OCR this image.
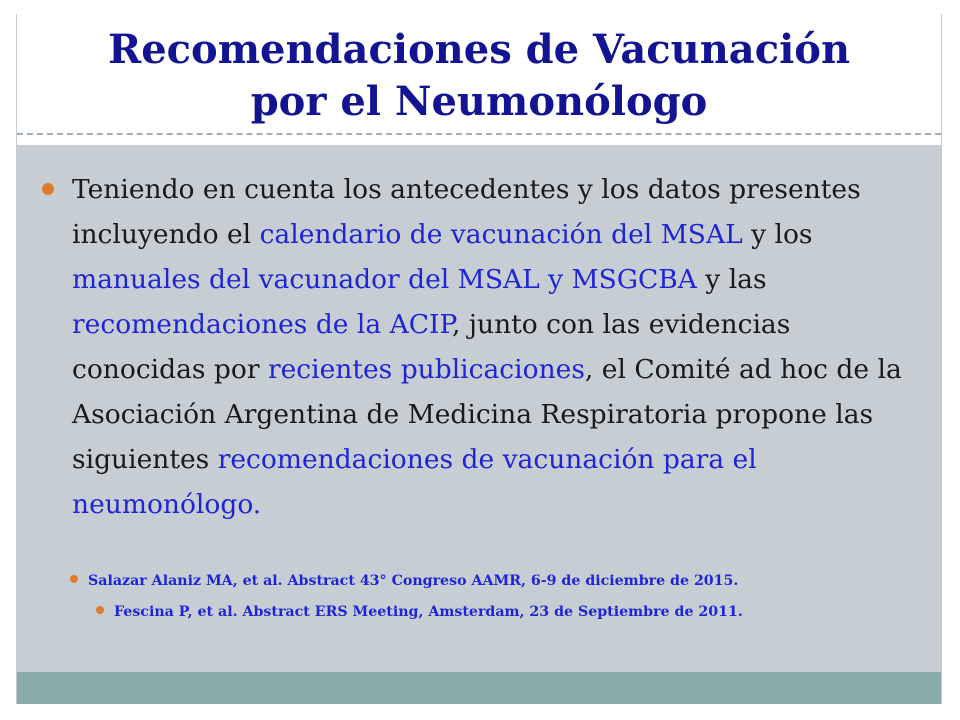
Recomendaciones de Vacunación
por el Neumonólogo

Teniendo en cuenta los antecedentes y los datos presentes incluyendo el calendario de vacunación del MSAL y los manuales del vacunador del MSAL y MSGCBA y las recomendaciones de la ACIP, junto con las evidencias conocidas por recientes publicaciones, el Comité ad hoc de la Asociación Argentina de Medicina Respiratoria propone las siguientes recomendaciones de vacunación para el neumonólogo.

Salazar Alaniz MA, et al. Abstract 43° Congreso AAMR, 6-9 de diciembre de 2015.
Fescina P, et al. Abstract ERS Meeting, Amsterdam, 23 de Septiembre de 2011.
